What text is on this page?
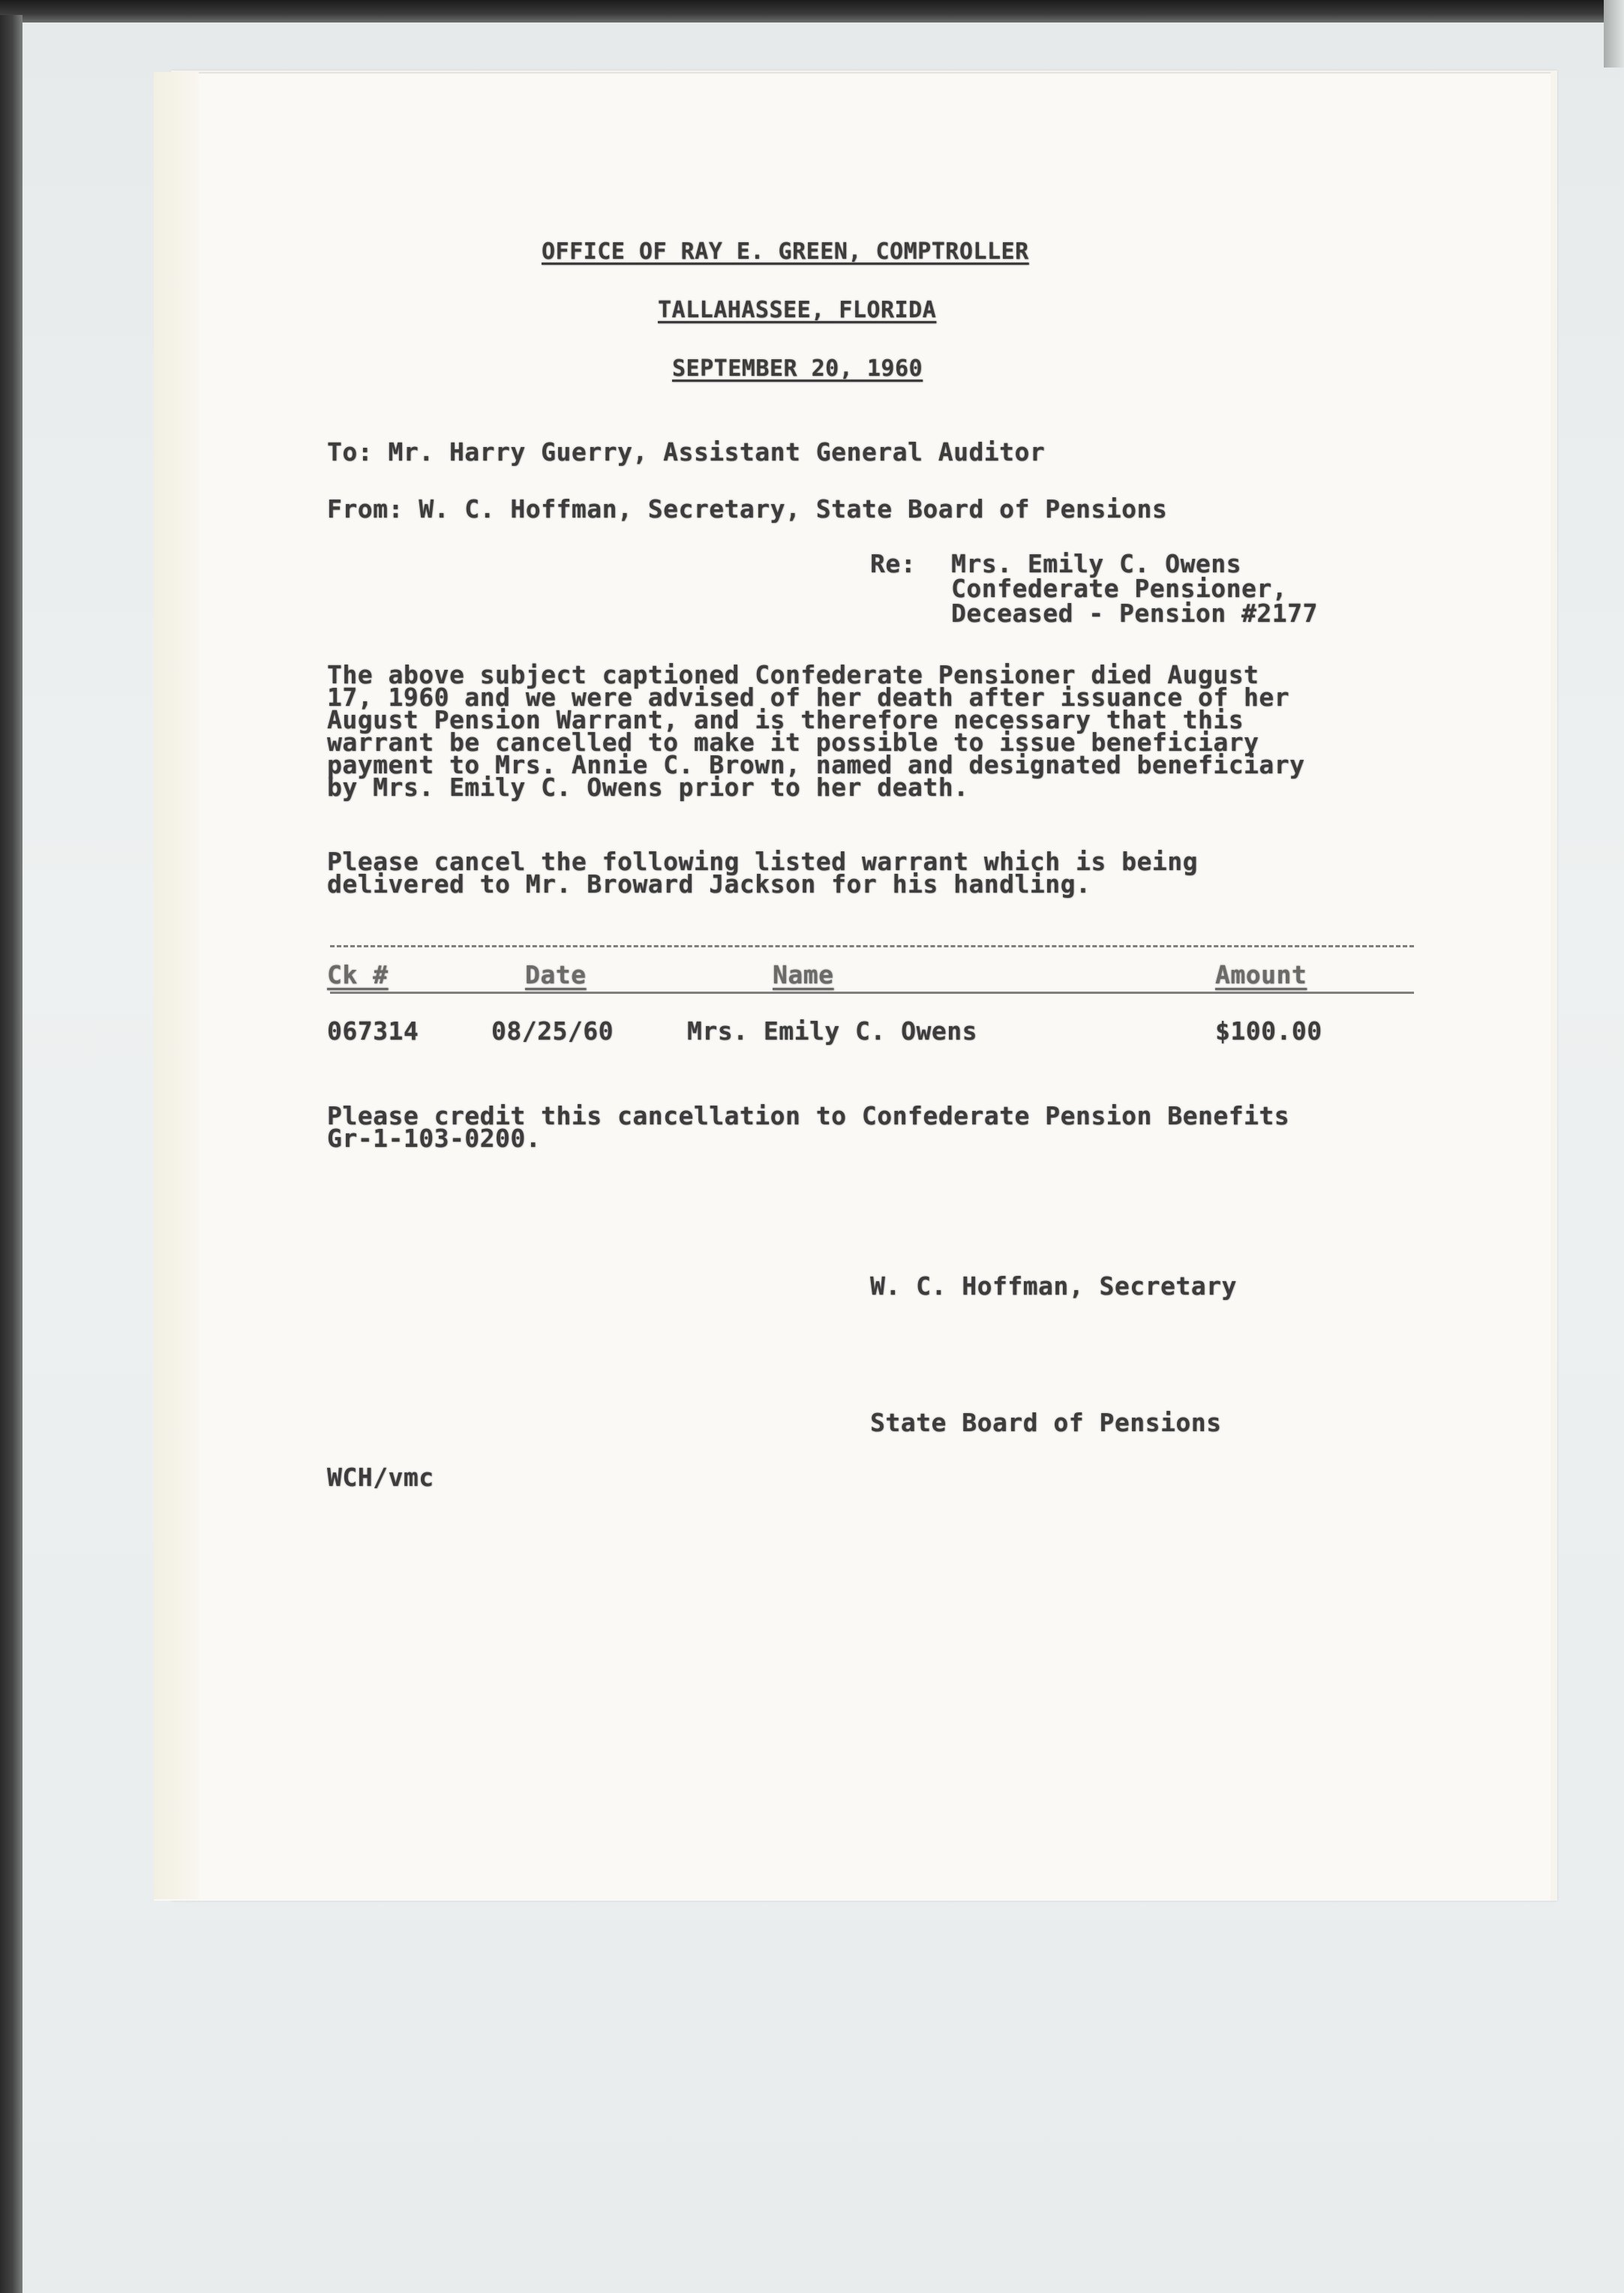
OFFICE OF RAY E. GREEN, COMPTROLLER
TALLAHASSEE, FLORIDA
SEPTEMBER 20, 1960
To: Mr. Harry Guerry, Assistant General Auditor
From: W. C. Hoffman, Secretary, State Board of Pensions
Re: Mrs. Emily C. Owens
Confederate Pensioner,
Deceased - Pension #2177
The above subject captioned Confederate Pensioner died August
17, 1960 and we were advised of her death after issuance of her
August Pension Warrant, and is therefore necessary that this
warrant be cancelled to make it possible to issue beneficiary
payment to Mrs. Annie C. Brown, named and designated beneficiary
by Mrs. Emily C. Owens prior to her death.
Please cancel the following listed warrant which is being
delivered to Mr. Broward Jackson for his handling.
Ck #	Date	Name	Amount
067314	08/25/60	Mrs. Emily C. Owens	$100.00
Please credit this cancellation to Confederate Pension Benefits
Gr-1-103-0200.
W. C. Hoffman, Secretary
State Board of Pensions
WCH/vmc
